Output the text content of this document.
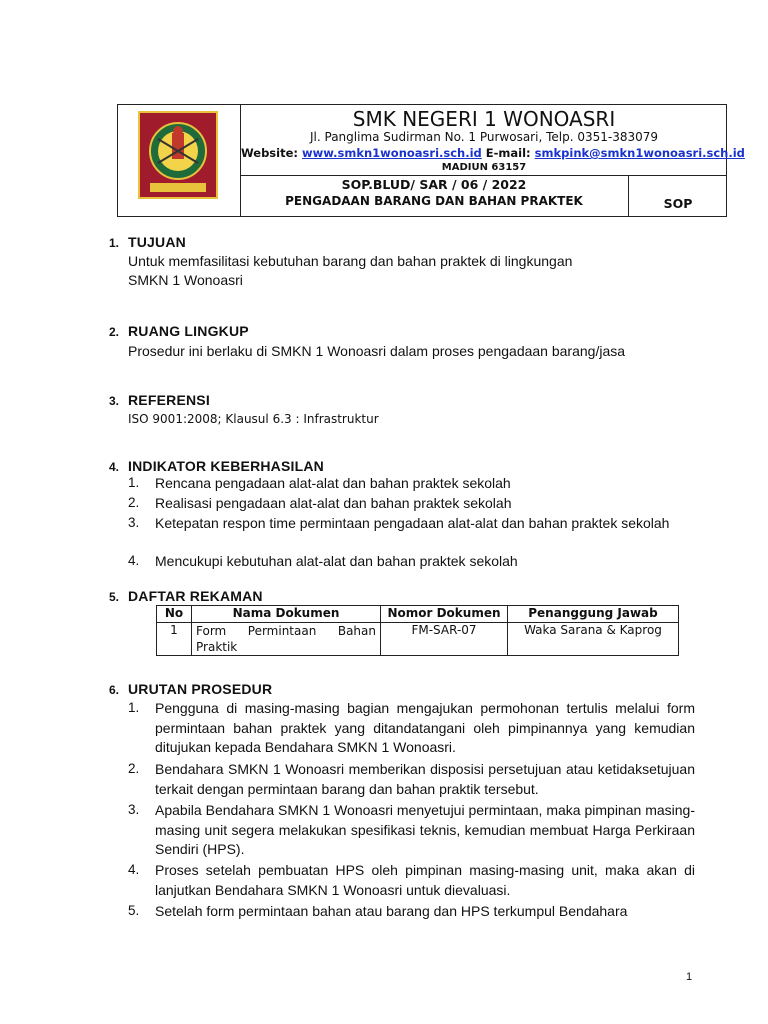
SMK NEGERI 1 WONOASRI
Jl. Panglima Sudirman No. 1 Purwosari, Telp. 0351-383079
Website: www.smkn1wonoasri.sch.id E-mail: smkpink@smkn1wonoasri.sch.id
MADIUN 63157
SOP.BLUD/ SAR / 06 / 2022
PENGADAAN BARANG DAN BAHAN PRAKTEK	SOP
1. TUJUAN
Untuk memfasilitasi kebutuhan barang dan bahan praktek di lingkungan
SMKN 1 Wonoasri
2. RUANG LINGKUP
Prosedur ini berlaku di SMKN 1 Wonoasri dalam proses pengadaan barang/jasa
3. REFERENSI
ISO 9001:2008; Klausul 6.3 : Infrastruktur
4. INDIKATOR KEBERHASILAN
1. Rencana pengadaan alat-alat dan bahan praktek sekolah
2. Realisasi pengadaan alat-alat dan bahan praktek sekolah
3. Ketepatan respon time permintaan pengadaan alat-alat dan bahan praktek sekolah
4. Mencukupi kebutuhan alat-alat dan bahan praktek sekolah
5. DAFTAR REKAMAN
No	Nama Dokumen	Nomor Dokumen	Penanggung Jawab
1	Form Permintaan Bahan Praktik	FM-SAR-07	Waka Sarana & Kaprog
6. URUTAN PROSEDUR
1. Pengguna di masing-masing bagian mengajukan permohonan tertulis melalui form permintaan bahan praktek yang ditandatangani oleh pimpinannya yang kemudian ditujukan kepada Bendahara SMKN 1 Wonoasri.
2. Bendahara SMKN 1 Wonoasri memberikan disposisi persetujuan atau ketidaksetujuan terkait dengan permintaan barang dan bahan praktik tersebut.
3. Apabila Bendahara SMKN 1 Wonoasri menyetujui permintaan, maka pimpinan masing-masing unit segera melakukan spesifikasi teknis, kemudian membuat Harga Perkiraan Sendiri (HPS).
4. Proses setelah pembuatan HPS oleh pimpinan masing-masing unit, maka akan di lanjutkan Bendahara SMKN 1 Wonoasri untuk dievaluasi.
5. Setelah form permintaan bahan atau barang dan HPS terkumpul Bendahara
1
